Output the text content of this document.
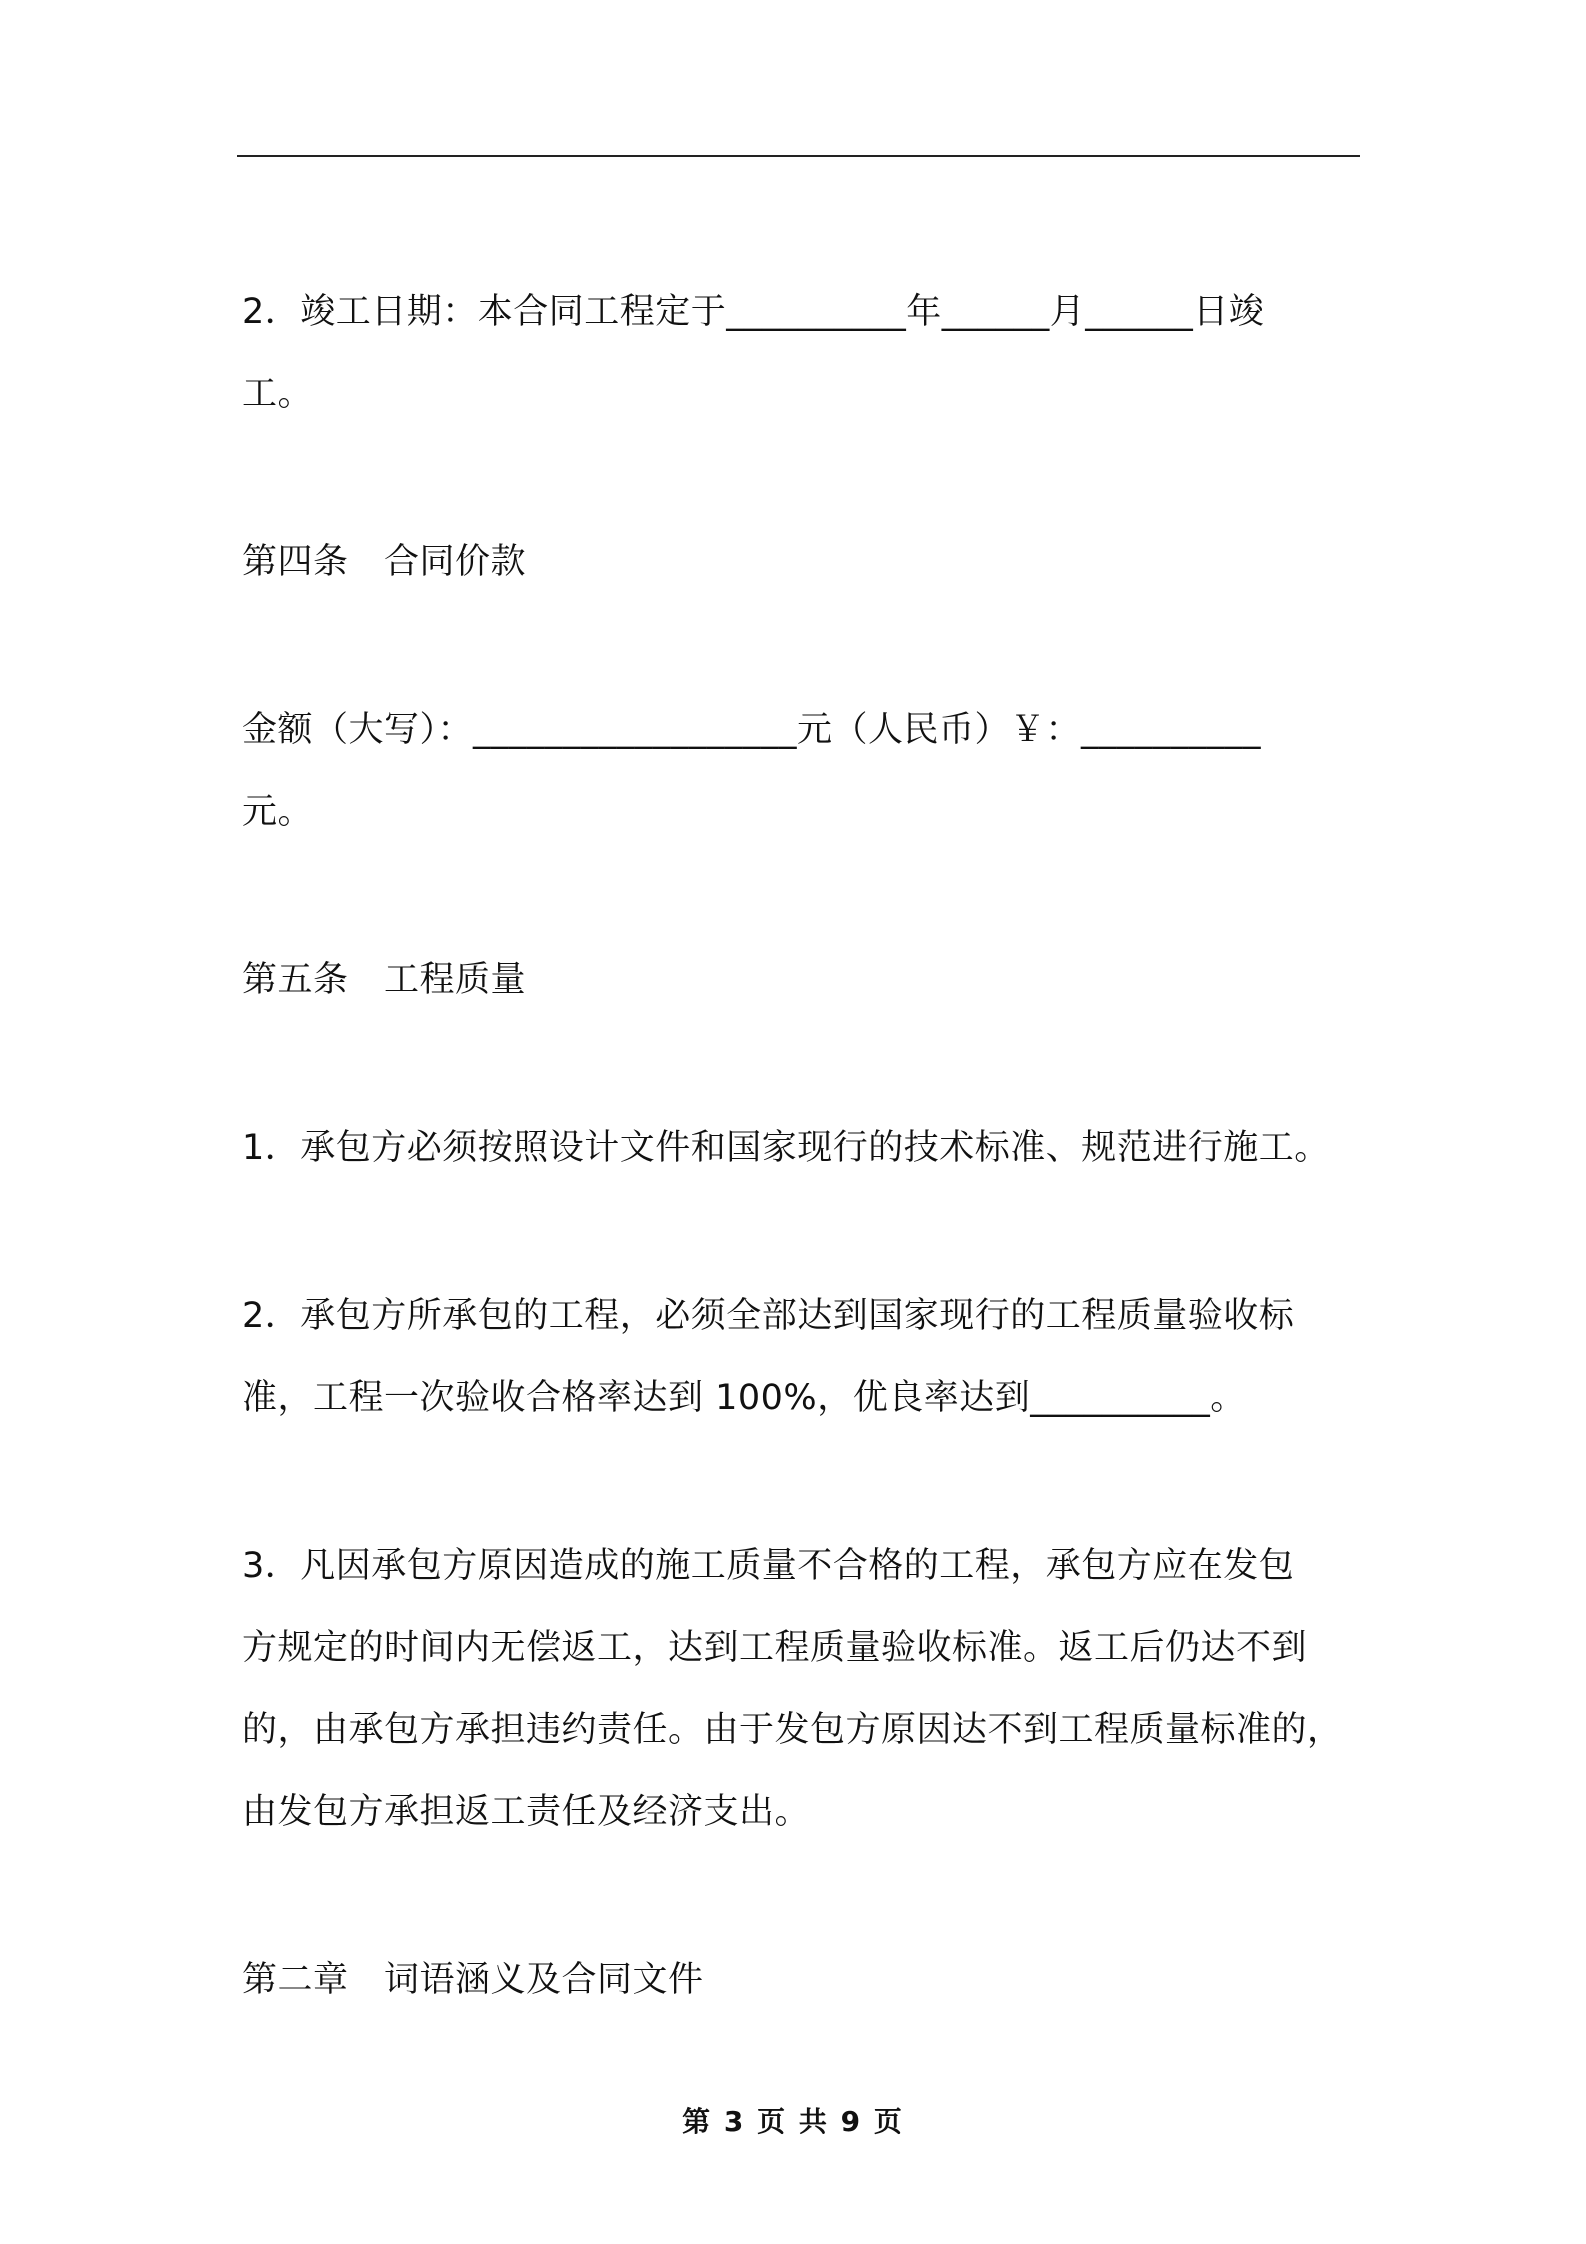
2．竣工日期：本合同工程定于__________年______月______日竣
工。
第四条　合同价款
金额（大写）：__________________元（人民币）￥：__________
元。
第五条　工程质量
1．承包方必须按照设计文件和国家现行的技术标准、规范进行施工。
2．承包方所承包的工程，必须全部达到国家现行的工程质量验收标
准，工程一次验收合格率达到 100%，优良率达到__________。
3．凡因承包方原因造成的施工质量不合格的工程，承包方应在发包
方规定的时间内无偿返工，达到工程质量验收标准。返工后仍达不到
的，由承包方承担违约责任。由于发包方原因达不到工程质量标准的，
由发包方承担返工责任及经济支出。
第二章　词语涵义及合同文件
第 3 页 共 9 页
